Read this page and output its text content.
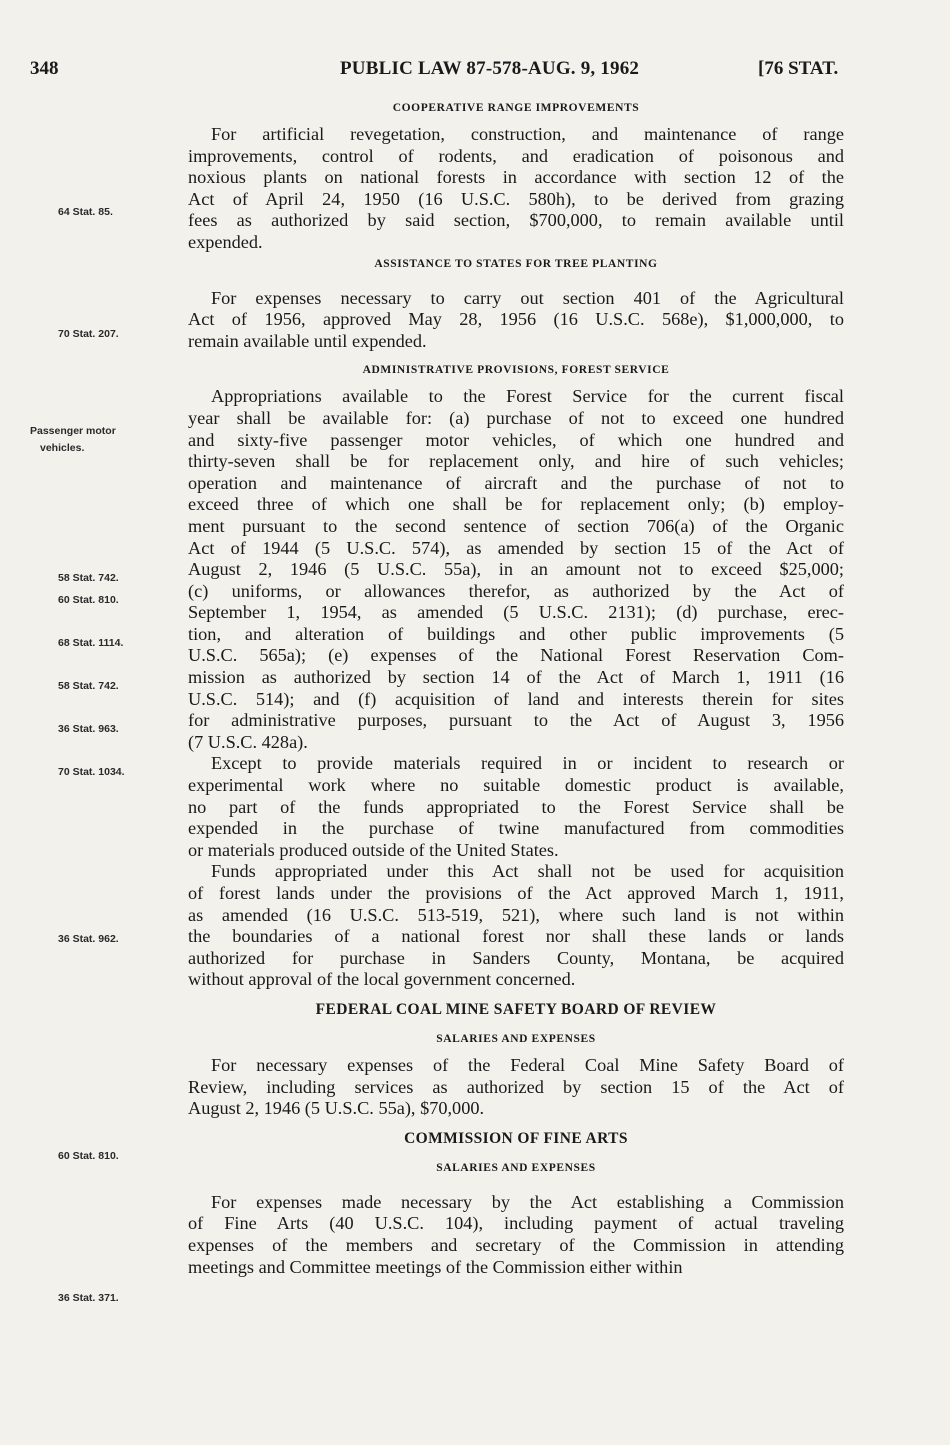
348	PUBLIC LAW 87-578-AUG. 9, 1962	[76 STAT.
COOPERATIVE RANGE IMPROVEMENTS
For artificial revegetation, construction, and maintenance of range
improvements, control of rodents, and eradication of poisonous and
noxious plants on national forests in accordance with section 12 of the
Act of April 24, 1950 (16 U.S.C. 580h), to be derived from grazing
fees as authorized by said section, $700,000, to remain available until
expended.
ASSISTANCE TO STATES FOR TREE PLANTING
For expenses necessary to carry out section 401 of the Agricultural
Act of 1956, approved May 28, 1956 (16 U.S.C. 568e), $1,000,000, to
remain available until expended.
ADMINISTRATIVE PROVISIONS, FOREST SERVICE
Appropriations available to the Forest Service for the current fiscal
year shall be available for: (a) purchase of not to exceed one hundred
and sixty-five passenger motor vehicles, of which one hundred and
thirty-seven shall be for replacement only, and hire of such vehicles;
operation and maintenance of aircraft and the purchase of not to
exceed three of which one shall be for replacement only; (b) employ-
ment pursuant to the second sentence of section 706(a) of the Organic
Act of 1944 (5 U.S.C. 574), as amended by section 15 of the Act of
August 2, 1946 (5 U.S.C. 55a), in an amount not to exceed $25,000;
(c) uniforms, or allowances therefor, as authorized by the Act of
September 1, 1954, as amended (5 U.S.C. 2131); (d) purchase, erec-
tion, and alteration of buildings and other public improvements (5
U.S.C. 565a); (e) expenses of the National Forest Reservation Com-
mission as authorized by section 14 of the Act of March 1, 1911 (16
U.S.C. 514); and (f) acquisition of land and interests therein for sites
for administrative purposes, pursuant to the Act of August 3, 1956
(7 U.S.C. 428a).
Except to provide materials required in or incident to research or
experimental work where no suitable domestic product is available,
no part of the funds appropriated to the Forest Service shall be
expended in the purchase of twine manufactured from commodities
or materials produced outside of the United States.
Funds appropriated under this Act shall not be used for acquisition
of forest lands under the provisions of the Act approved March 1, 1911,
as amended (16 U.S.C. 513-519, 521), where such land is not within
the boundaries of a national forest nor shall these lands or lands
authorized for purchase in Sanders County, Montana, be acquired
without approval of the local government concerned.
FEDERAL COAL MINE SAFETY BOARD OF REVIEW
SALARIES AND EXPENSES
For necessary expenses of the Federal Coal Mine Safety Board of
Review, including services as authorized by section 15 of the Act of
August 2, 1946 (5 U.S.C. 55a), $70,000.
COMMISSION OF FINE ARTS
SALARIES AND EXPENSES
For expenses made necessary by the Act establishing a Commission
of Fine Arts (40 U.S.C. 104), including payment of actual traveling
expenses of the members and secretary of the Commission in attending
meetings and Committee meetings of the Commission either within
64 Stat. 85.
70 Stat. 207.
Passenger motor
vehicles.
58 Stat. 742.
60 Stat. 810.
68 Stat. 1114.
58 Stat. 742.
36 Stat. 963.
70 Stat. 1034.
36 Stat. 962.
60 Stat. 810.
36 Stat. 371.
